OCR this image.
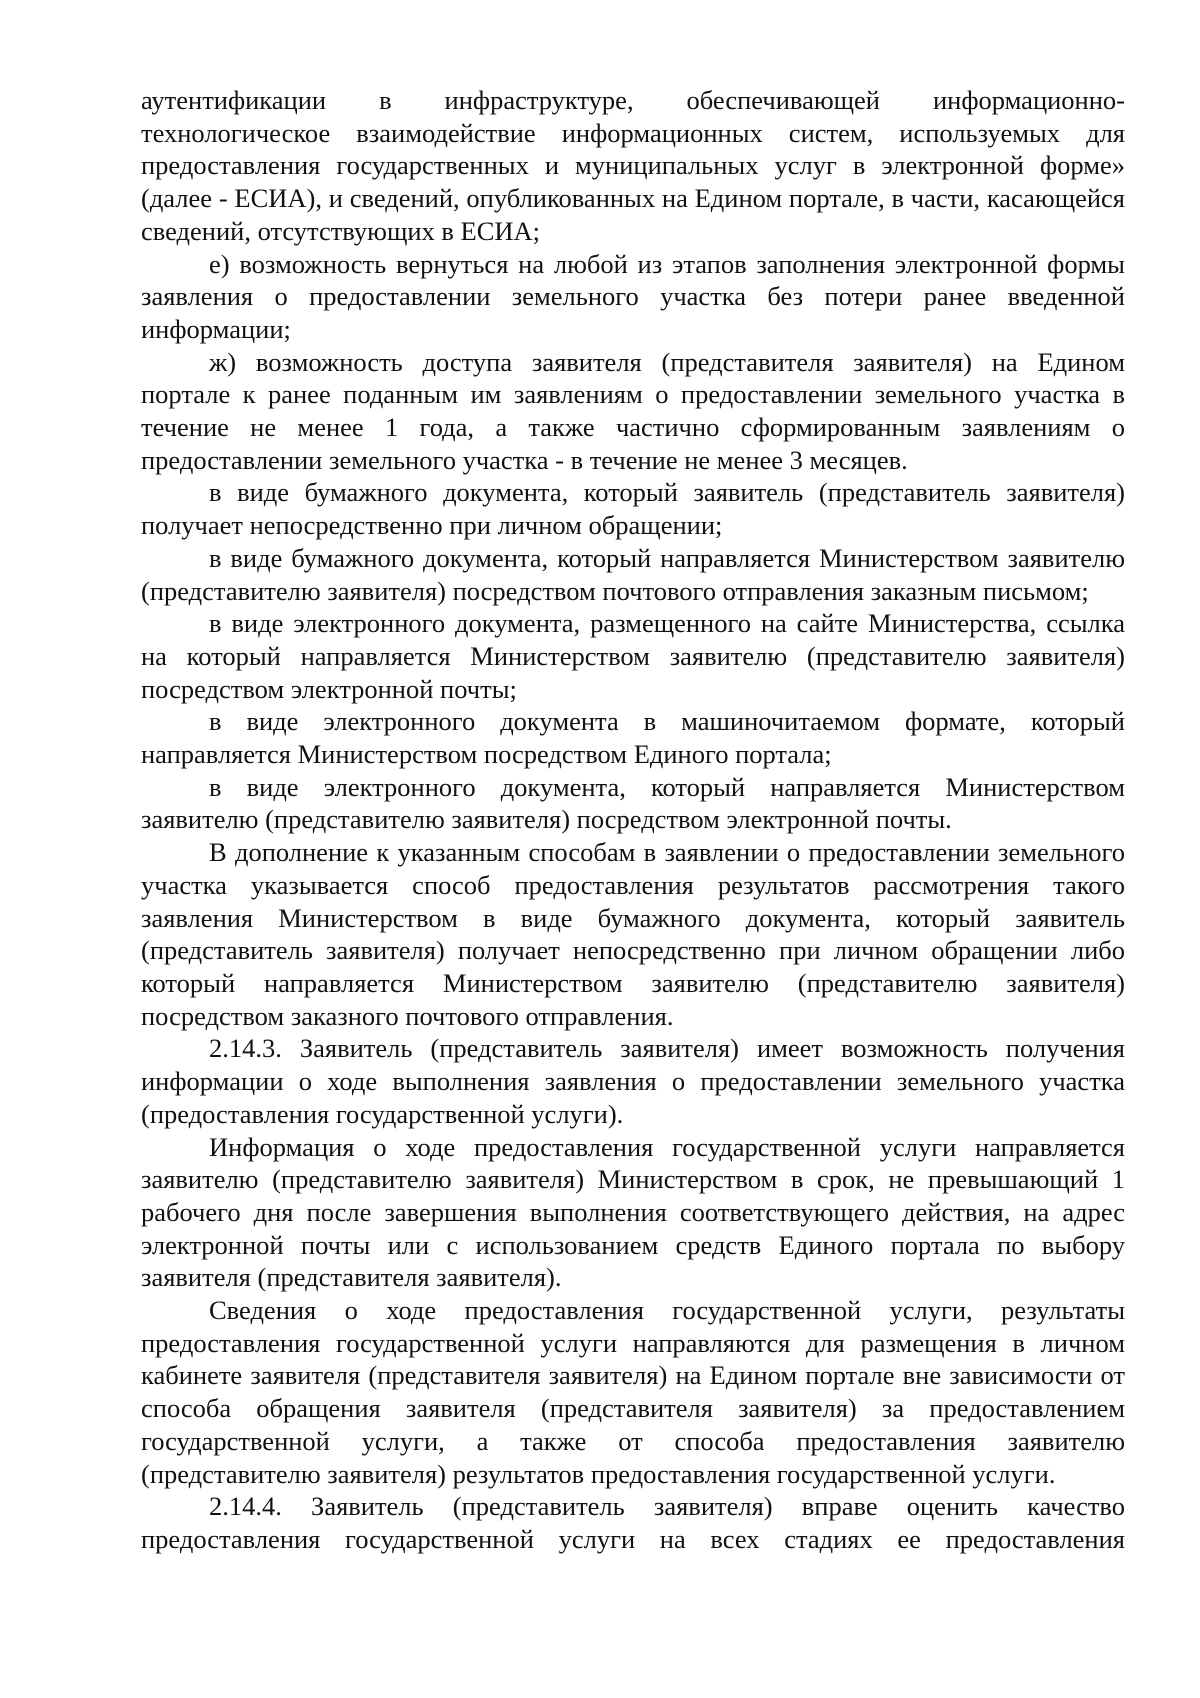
аутентификации в инфраструктуре, обеспечивающей информационно-технологическое взаимодействие информационных систем, используемых для предоставления государственных и муниципальных услуг в электронной форме» (далее - ЕСИА), и сведений, опубликованных на Едином портале, в части, касающейся сведений, отсутствующих в ЕСИА;

е) возможность вернуться на любой из этапов заполнения электронной формы заявления о предоставлении земельного участка без потери ранее введенной информации;

ж) возможность доступа заявителя (представителя заявителя) на Едином портале к ранее поданным им заявлениям о предоставлении земельного участка в течение не менее 1 года, а также частично сформированным заявлениям о предоставлении земельного участка - в течение не менее 3 месяцев.

в виде бумажного документа, который заявитель (представитель заявителя) получает непосредственно при личном обращении;

в виде бумажного документа, который направляется Министерством заявителю (представителю заявителя) посредством почтового отправления заказным письмом;

в виде электронного документа, размещенного на сайте Министерства, ссылка на который направляется Министерством заявителю (представителю заявителя) посредством электронной почты;

в виде электронного документа в машиночитаемом формате, который направляется Министерством посредством Единого портала;

в виде электронного документа, который направляется Министерством заявителю (представителю заявителя) посредством электронной почты.

В дополнение к указанным способам в заявлении о предоставлении земельного участка указывается способ предоставления результатов рассмотрения такого заявления Министерством в виде бумажного документа, который заявитель (представитель заявителя) получает непосредственно при личном обращении либо который направляется Министерством заявителю (представителю заявителя) посредством заказного почтового отправления.

2.14.3. Заявитель (представитель заявителя) имеет возможность получения информации о ходе выполнения заявления о предоставлении земельного участка (предоставления государственной услуги).

Информация о ходе предоставления государственной услуги направляется заявителю (представителю заявителя) Министерством в срок, не превышающий 1 рабочего дня после завершения выполнения соответствующего действия, на адрес электронной почты или с использованием средств Единого портала по выбору заявителя (представителя заявителя).

Сведения о ходе предоставления государственной услуги, результаты предоставления государственной услуги направляются для размещения в личном кабинете заявителя (представителя заявителя) на Едином портале вне зависимости от способа обращения заявителя (представителя заявителя) за предоставлением государственной услуги, а также от способа предоставления заявителю (представителю заявителя) результатов предоставления государственной услуги.

2.14.4. Заявитель (представитель заявителя) вправе оценить качество предоставления государственной услуги на всех стадиях ее предоставления
